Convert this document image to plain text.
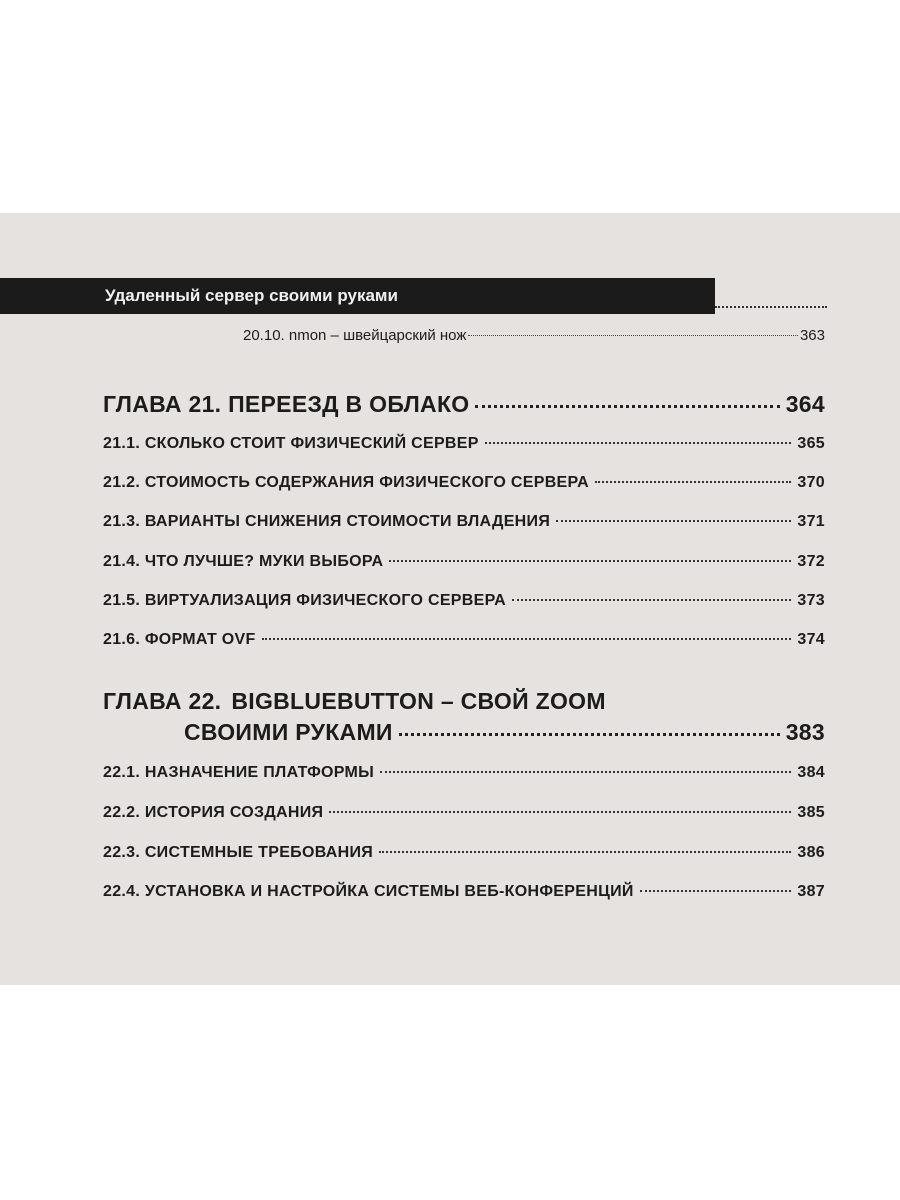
Удаленный сервер своими руками
20.10. nmon – швейцарский нож	363
ГЛАВА 21. ПЕРЕЕЗД В ОБЛАКО	364
21.1. СКОЛЬКО СТОИТ ФИЗИЧЕСКИЙ СЕРВЕР	365
21.2. СТОИМОСТЬ СОДЕРЖАНИЯ ФИЗИЧЕСКОГО СЕРВЕРА	370
21.3. ВАРИАНТЫ СНИЖЕНИЯ СТОИМОСТИ ВЛАДЕНИЯ	371
21.4. ЧТО ЛУЧШЕ? МУКИ ВЫБОРА	372
21.5. ВИРТУАЛИЗАЦИЯ ФИЗИЧЕСКОГО СЕРВЕРА	373
21.6. ФОРМАТ OVF	374
ГЛАВА 22. BIGBLUEBUTTON – СВОЙ ZOOM
СВОИМИ РУКАМИ	383
22.1. НАЗНАЧЕНИЕ ПЛАТФОРМЫ	384
22.2. ИСТОРИЯ СОЗДАНИЯ	385
22.3. СИСТЕМНЫЕ ТРЕБОВАНИЯ	386
22.4. УСТАНОВКА И НАСТРОЙКА СИСТЕМЫ ВЕБ-КОНФЕРЕНЦИЙ	387
